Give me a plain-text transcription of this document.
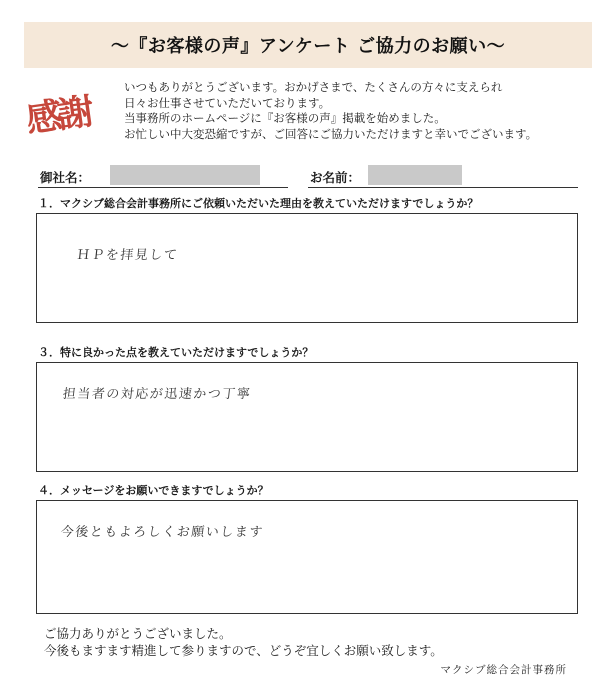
〜『お客様の声』アンケート ご協力のお願い〜
感謝
いつもありがとうございます。おかげさまで、たくさんの方々に支えられ
日々お仕事させていただいております。
当事務所のホームページに『お客様の声』掲載を始めました。
お忙しい中大変恐縮ですが、ご回答にご協力いただけますと幸いでございます。
御社名：	お名前：
１．マクシブ総合会計事務所にご依頼いただいた理由を教えていただけますでしょうか？
ＨＰを拝見して
３．特に良かった点を教えていただけますでしょうか？
担当者の対応が迅速かつ丁寧
４．メッセージをお願いできますでしょうか？
今後ともよろしくお願いします
ご協力ありがとうございました。
今後もますます精進して参りますので、どうぞ宜しくお願い致します。
マクシブ総合会計事務所
